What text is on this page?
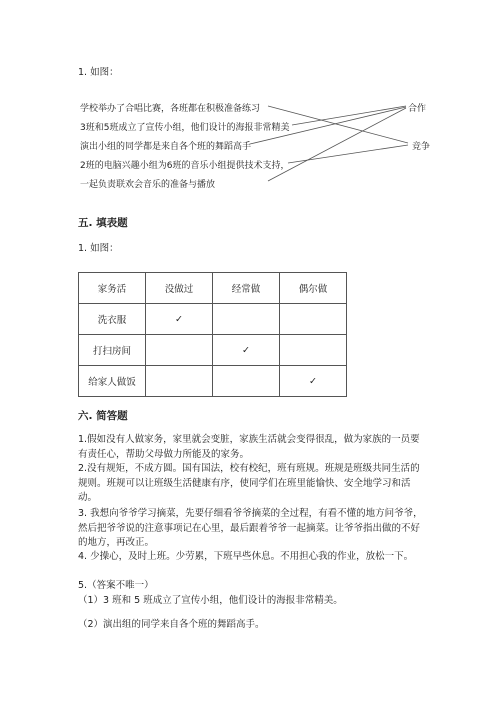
1. 如图：
学校举办了合唱比赛，各班都在积极准备练习
3班和5班成立了宣传小组，他们设计的海报非常精美
演出小组的同学都是来自各个班的舞蹈高手
2班的电脑兴趣小组为6班的音乐小组提供技术支持，
一起负责联欢会音乐的准备与播放
合作
竞争
五. 填表题
1. 如图：
家务活	没做过	经常做	偶尔做
洗衣服	✓		
打扫房间		✓	
给家人做饭			✓
六. 简答题
1.假如没有人做家务，家里就会变脏，家族生活就会变得很乱，做为家族的一员要有责任心，帮助父母做力所能及的家务。
2.没有规矩，不成方圆。国有国法，校有校纪，班有班规。班规是班级共同生活的规则。班规可以让班级生活健康有序，使同学们在班里能愉快、安全地学习和活动。
3. 我想向爷爷学习摘菜，先要仔细看爷爷摘菜的全过程，有看不懂的地方问爷爷，然后把爷爷说的注意事项记在心里，最后跟着爷爷一起摘菜。让爷爷指出做的不好的地方，再改正。
4. 少操心，及时上班。少劳累，下班早些休息。不用担心我的作业，放松一下。
5.（答案不唯一）
（1）3 班和 5 班成立了宣传小组，他们设计的海报非常精美。
（2）演出组的同学来自各个班的舞蹈高手。
